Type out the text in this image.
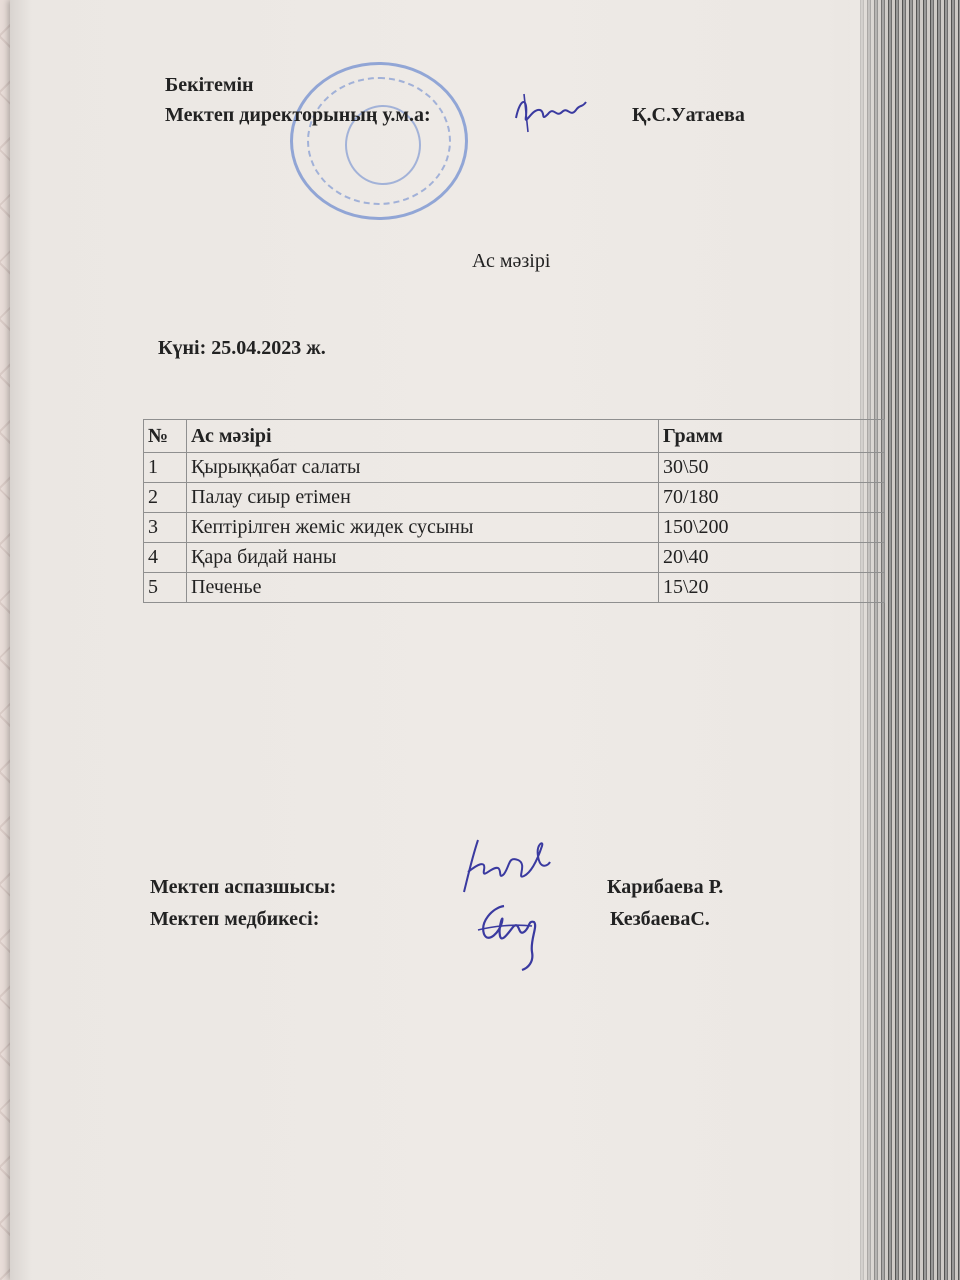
Бекітемін
Мектеп директорының у.м.а:	Қ.С.Уатаева
Ас мәзірі
Күні: 25.04.2023 ж.
№	Ас мәзірі	Грамм
1	Қырыққабат салаты	30\50
2	Палау сиыр етімен	70/180
3	Кептірілген жеміс жидек сусыны	150\200
4	Қара бидай наны	20\40
5	Печенье	15\20
Мектеп аспазшысы:	Карибаева Р.
Мектеп медбикесі:	КезбаеваС.
